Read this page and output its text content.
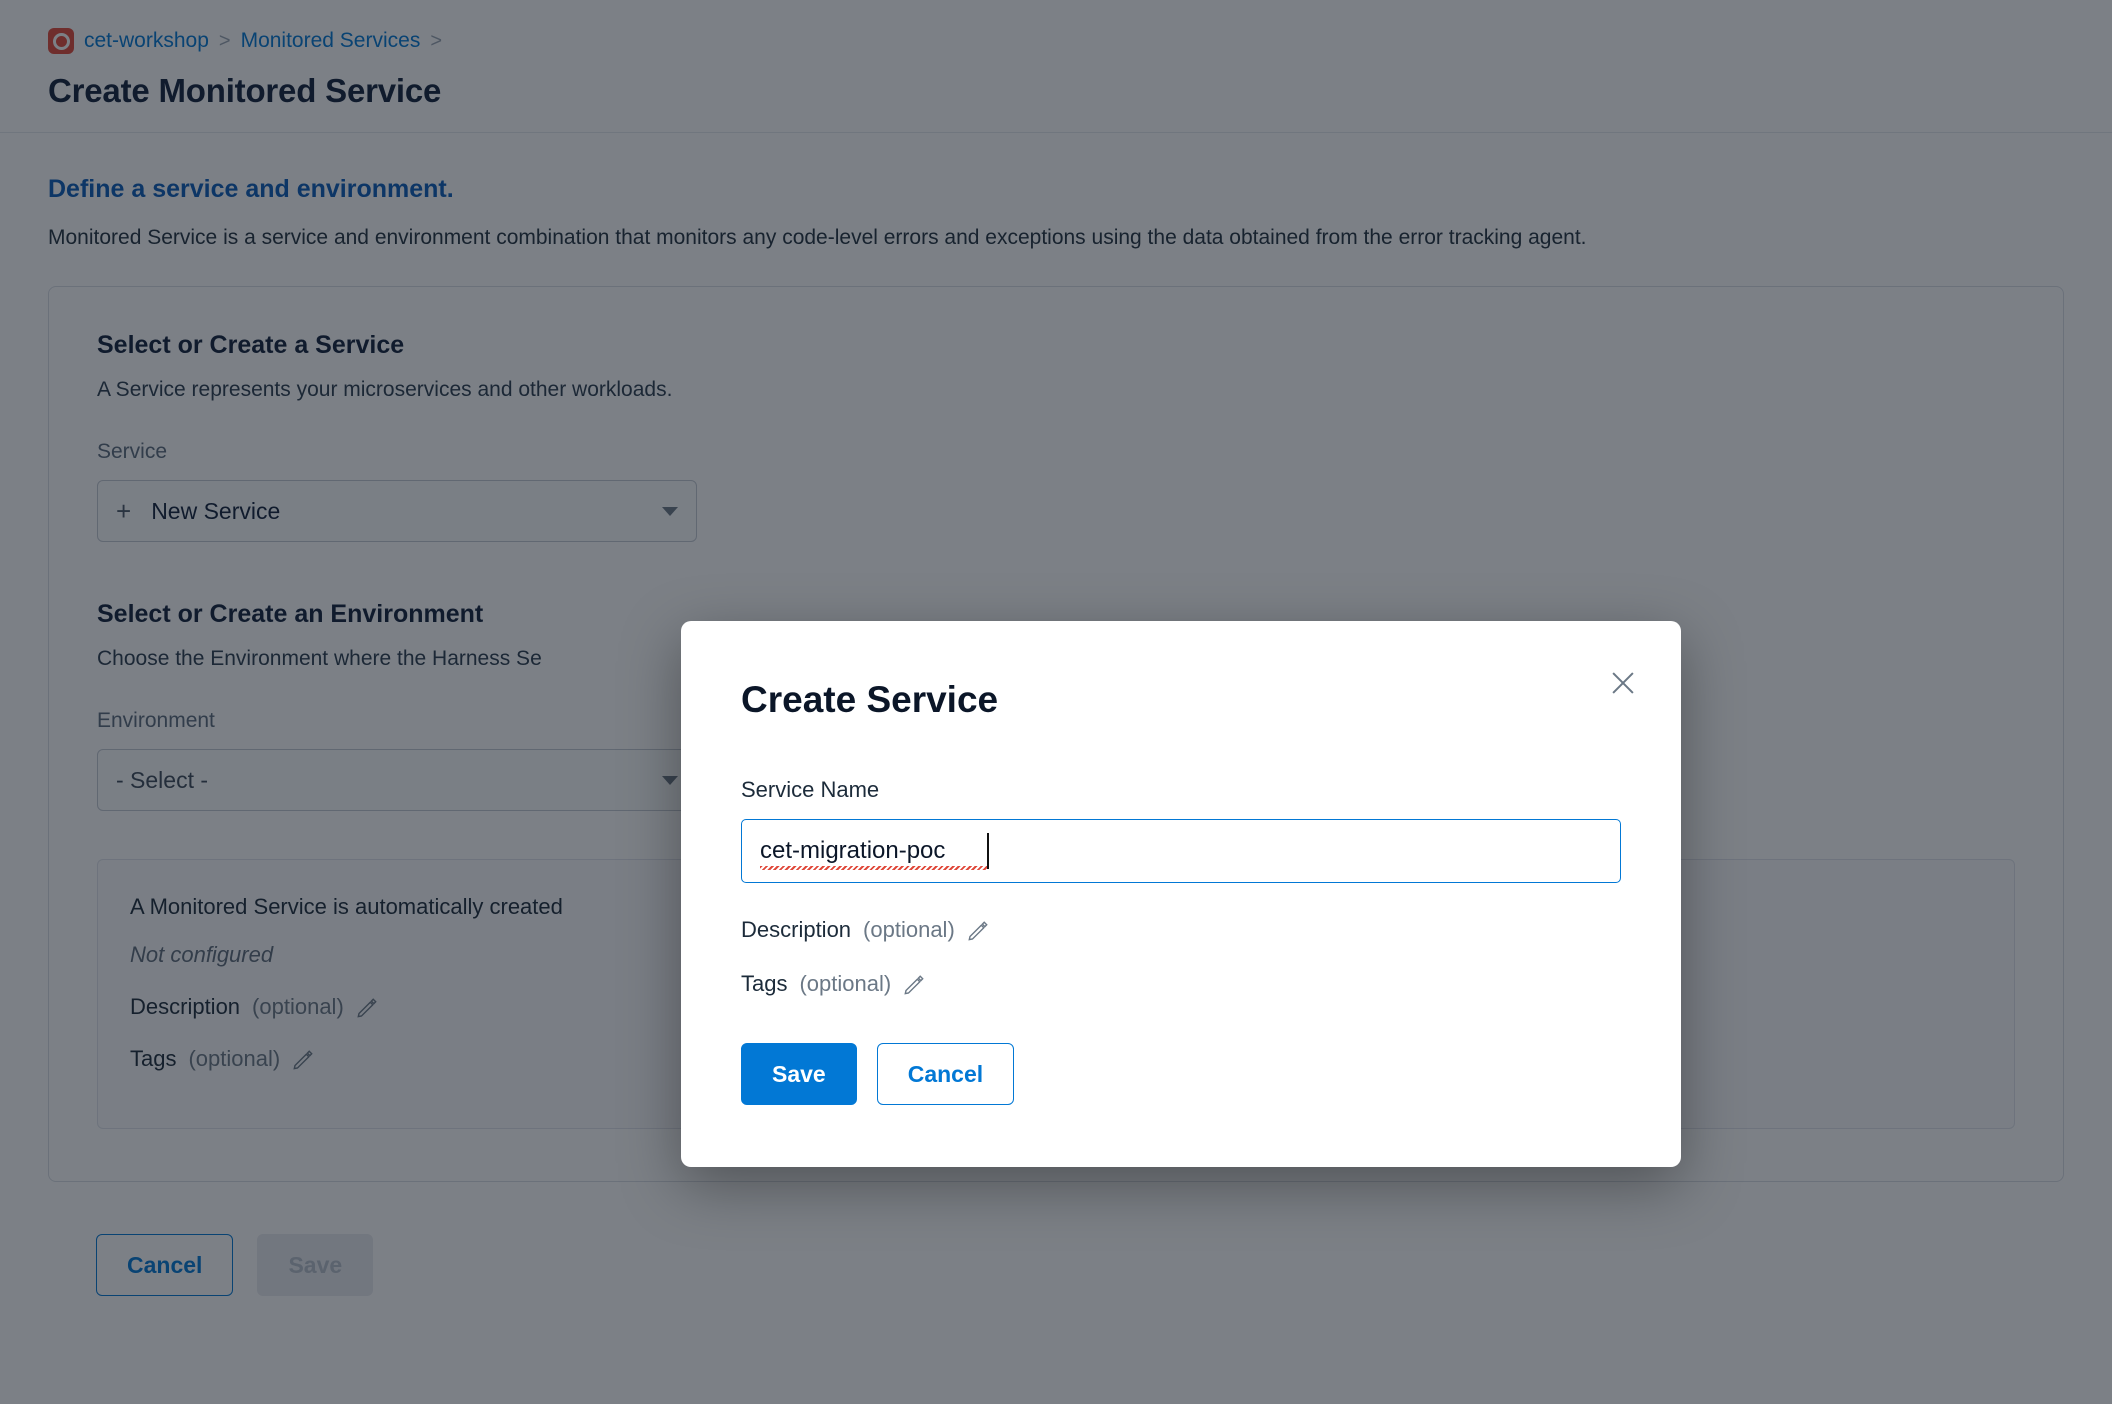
Create Service
Service Name
cet-migration-poc
Description (optional)
Tags (optional)
Save	Cancel
